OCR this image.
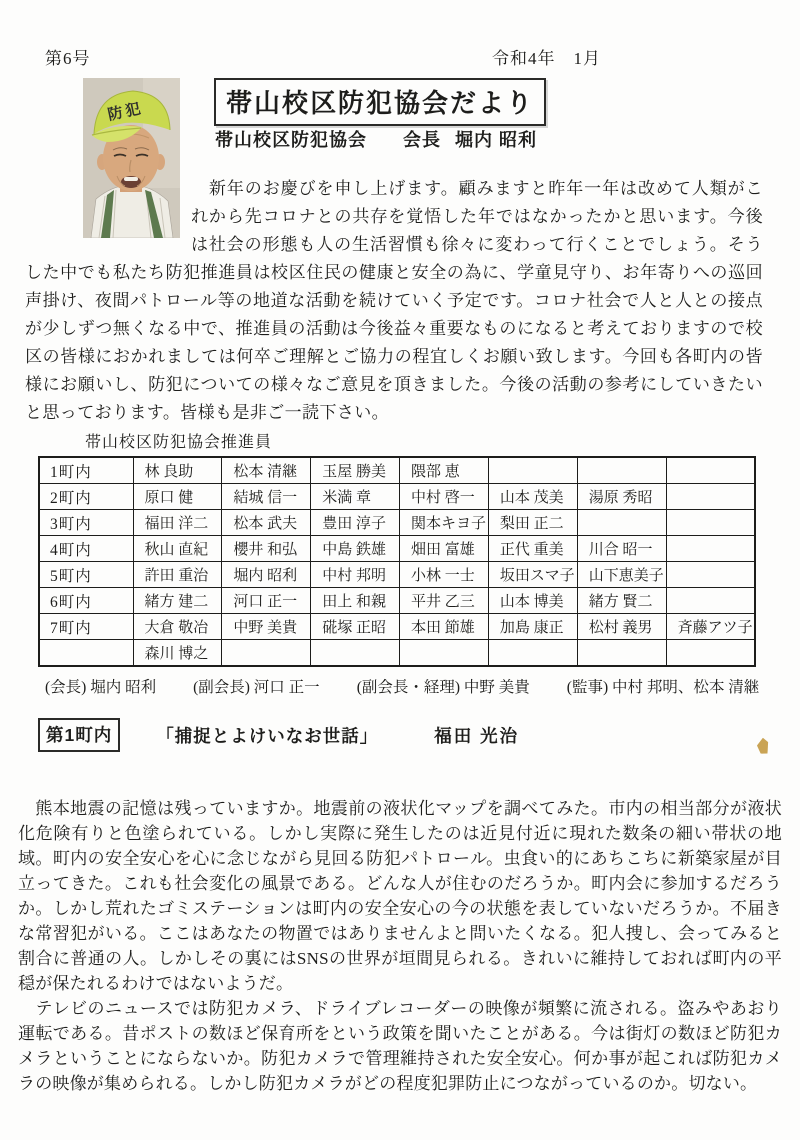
第6号	令和4年　1月
防犯	帯山校区防犯協会だより
帯山校区防犯協会 会長 堀内 昭利

　新年のお慶びを申し上げます。顧みますと昨年一年は改めて人類がこれから先コロナとの共存を覚悟した年ではなかったかと思います。今後は社会の形態も人の生活習慣も徐々に変わって行くことでしょう。そうした中でも私たち防犯推進員は校区住民の健康と安全の為に、学童見守り、お年寄りへの巡回声掛け、夜間パトロール等の地道な活動を続けていく予定です。コロナ社会で人と人との接点が少しずつ無くなる中で、推進員の活動は今後益々重要なものになると考えておりますので校区の皆様におかれましては何卒ご理解とご協力の程宜しくお願い致します。今回も各町内の皆様にお願いし、防犯についての様々なご意見を頂きました。今後の活動の参考にしていきたいと思っております。皆様も是非ご一読下さい。

帯山校区防犯協会推進員
1町内	林 良助	松本 清継	玉屋 勝美	隈部 恵			
2町内	原口 健	結城 信一	米満 章	中村 啓一	山本 茂美	湯原 秀昭	
3町内	福田 洋二	松本 武夫	豊田 淳子	関本キヨ子	梨田 正二		
4町内	秋山 直紀	櫻井 和弘	中島 鉄雄	畑田 富雄	正代 重美	川合 昭一	
5町内	許田 重治	堀内 昭利	中村 邦明	小林 一士	坂田スマ子	山下恵美子	
6町内	緒方 建二	河口 正一	田上 和親	平井 乙三	山本 博美	緒方 賢二	
7町内	大倉 敬冶	中野 美貴	硴塚 正昭	本田 節雄	加島 康正	松村 義男	斉藤アツ子
	森川 博之						
(会長) 堀内 昭利 (副会長) 河口 正一 (副会長・経理) 中野 美貴 (監事) 中村 邦明、松本 清継
第1町内	「捕捉とよけいなお世話」	福田 光治

　熊本地震の記憶は残っていますか。地震前の液状化マップを調べてみた。市内の相当部分が液状化危険有りと色塗られている。しかし実際に発生したのは近見付近に現れた数条の細い帯状の地域。町内の安全安心を心に念じながら見回る防犯パトロール。虫食い的にあちこちに新築家屋が目立ってきた。これも社会変化の風景である。どんな人が住むのだろうか。町内会に参加するだろうか。しかし荒れたゴミステーションは町内の安全安心の今の状態を表していないだろうか。不届きな常習犯がいる。ここはあなたの物置ではありませんよと問いたくなる。犯人捜し、会ってみると割合に普通の人。しかしその裏にはSNSの世界が垣間見られる。きれいに維持しておれば町内の平穏が保たれるわけではないようだ。

　テレビのニュースでは防犯カメラ、ドライブレコーダーの映像が頻繁に流される。盗みやあおり運転である。昔ポストの数ほど保育所をという政策を聞いたことがある。今は街灯の数ほど防犯カメラということにならないか。防犯カメラで管理維持された安全安心。何か事が起これば防犯カメラの映像が集められる。しかし防犯カメラがどの程度犯罪防止につながっているのか。切ない。
